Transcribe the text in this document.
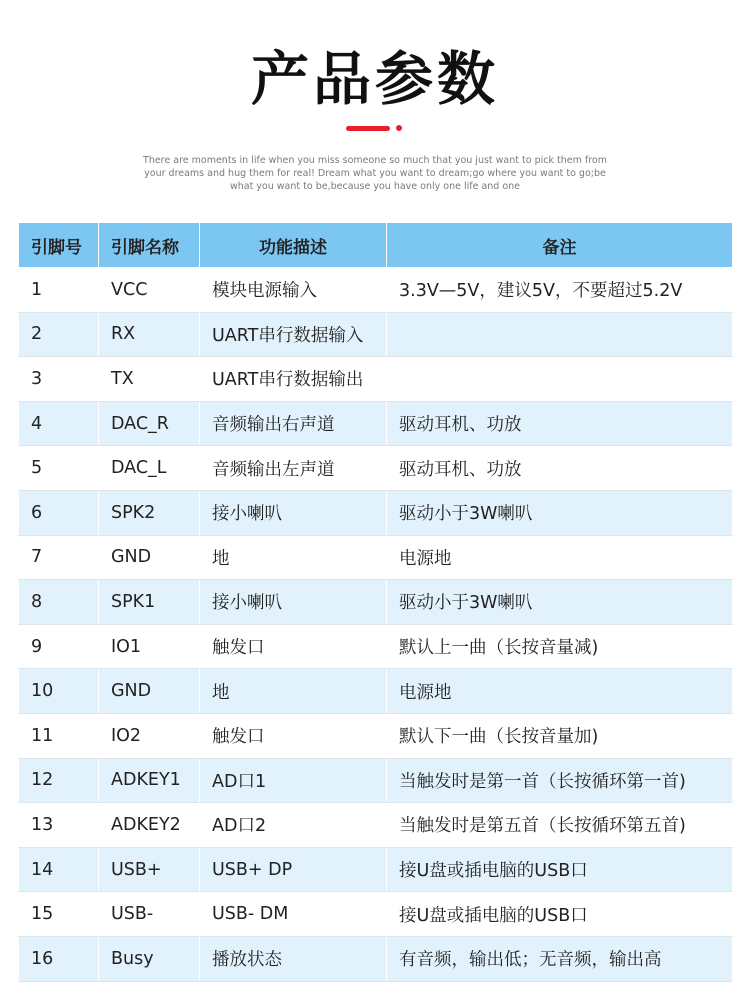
产品参数
There are moments in life when you miss someone so much that you just want to pick them from your dreams and hug them for real! Dream what you want to dream;go where you want to go;be what you want to be,because you have only one life and one
引脚号	引脚名称	功能描述	备注
1	VCC	模块电源输入	3.3V—5V，建议5V，不要超过5.2V
2	RX	UART串行数据输入	
3	TX	UART串行数据输出	
4	DAC_R	音频输出右声道	驱动耳机、功放
5	DAC_L	音频输出左声道	驱动耳机、功放
6	SPK2	接小喇叭	驱动小于3W喇叭
7	GND	地	电源地
8	SPK1	接小喇叭	驱动小于3W喇叭
9	IO1	触发口	默认上一曲（长按音量减)
10	GND	地	电源地
11	IO2	触发口	默认下一曲（长按音量加)
12	ADKEY1	AD口1	当触发时是第一首（长按循环第一首)
13	ADKEY2	AD口2	当触发时是第五首（长按循环第五首)
14	USB+	USB+ DP	接U盘或插电脑的USB口
15	USB-	USB- DM	接U盘或插电脑的USB口
16	Busy	播放状态	有音频，输出低；无音频，输出高
